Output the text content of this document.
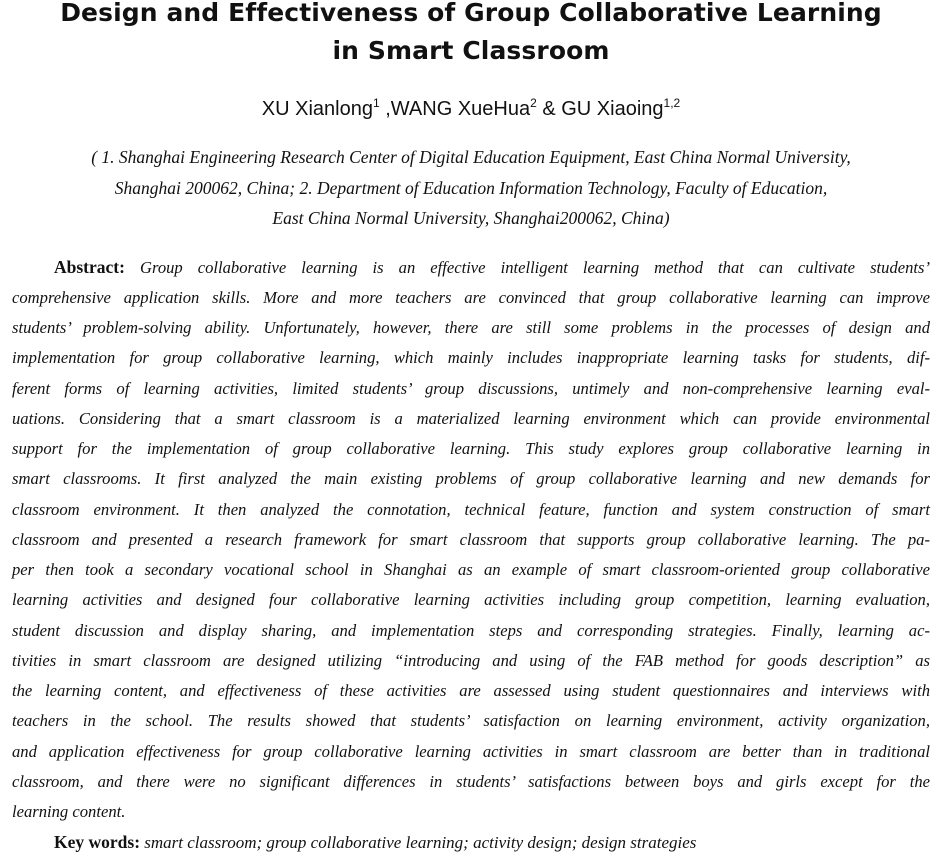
Design and Effectiveness of Group Collaborative Learning
in Smart Classroom
XU Xianlong$^1$ ,WANG XueHua$^2$ & GU Xiaoing$^{1,2}$
( 1. Shanghai Engineering Research Center of Digital Education Equipment, East China Normal University,
Shanghai 200062, China; 2. Department of Education Information Technology, Faculty of Education,
East China Normal University, Shanghai200062, China)
Abstract: Group collaborative learning is an effective intelligent learning method that can cultivate students’
comprehensive application skills. More and more teachers are convinced that group collaborative learning can improve
students’ problem-solving ability. Unfortunately, however, there are still some problems in the processes of design and
implementation for group collaborative learning, which mainly includes inappropriate learning tasks for students, dif-
ferent forms of learning activities, limited students’ group discussions, untimely and non-comprehensive learning eval-
uations. Considering that a smart classroom is a materialized learning environment which can provide environmental
support for the implementation of group collaborative learning. This study explores group collaborative learning in
smart classrooms. It first analyzed the main existing problems of group collaborative learning and new demands for
classroom environment. It then analyzed the connotation, technical feature, function and system construction of smart
classroom and presented a research framework for smart classroom that supports group collaborative learning. The pa-
per then took a secondary vocational school in Shanghai as an example of smart classroom-oriented group collaborative
learning activities and designed four collaborative learning activities including group competition, learning evaluation,
student discussion and display sharing, and implementation steps and corresponding strategies. Finally, learning ac-
tivities in smart classroom are designed utilizing “introducing and using of the FAB method for goods description” as
the learning content, and effectiveness of these activities are assessed using student questionnaires and interviews with
teachers in the school. The results showed that students’ satisfaction on learning environment, activity organization,
and application effectiveness for group collaborative learning activities in smart classroom are better than in traditional
classroom, and there were no significant differences in students’ satisfactions between boys and girls except for the
learning content.
Key words: smart classroom; group collaborative learning; activity design; design strategies
